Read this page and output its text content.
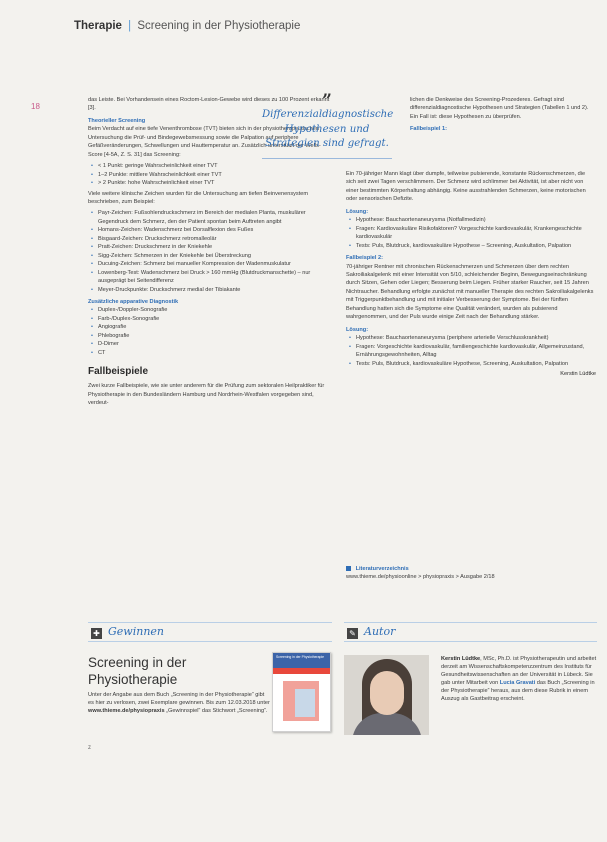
Therapie | Screening in der Physiotherapie
18

das Leiste. Bei Vorhandensein eines Roctom-Lesion-Gewebe wird dieses zu 100 Prozent erkannt [3].

Theorieller Screening

Beim Verdacht auf eine tiefe Venenthrombose (TVT) bieten sich in der physiotherapeutischen Untersuchung die Prüf- und Bindegewebsmessung sowie die Palpation auf periphere Gefäßveränderungen, Schwellungen und Hauttemperatur an. Zusätzlich unterstützt der Wells-Score [4-5A, Z. S. 31] das Screening:

• < 1 Punkt: geringe Wahrscheinlichkeit einer TVT
• 1–2 Punkte: mittlere Wahrscheinlichkeit einer TVT
• > 2 Punkte: hohe Wahrscheinlichkeit einer TVT

Viele weitere klinische Zeichen wurden für die Untersuchung am tiefen Beinvenensystem beschrieben, zum Beispiel:

• Payr-Zeichen: Fußsohlendruckschmerz im Bereich der medialen Planta, muskulärer Gegendruck dem Schmerz, den der Patient spontan beim Auftreten angibt
• Homans-Zeichen: Wadenschmerz bei Dorsalflexion des Fußes
• Bisgaard-Zeichen: Druckschmerz retromalleolär
• Pratt-Zeichen: Druckschmerz in der Kniekehle
• Sigg-Zeichen: Schmerzen in der Kniekehle bei Überstreckung
• Ducuing-Zeichen: Schmerz bei manueller Kompression der Wadenmuskulatur
• Lowenberg-Test: Wadenschmerz bei Druck > 160 mmHg (Blutdruckmanschette) – nur ausgeprägt bei Seitendifferenz
• Meyer-Druckpunkte: Druckschmerz medial der Tibiakante
Zusätzliche apparative Diagnostik
• Duplex-/Doppler-Sonografie
• Farb-/Duplex-Sonografie
• Angiografie
• Phlebografie
• D-Dimer
• CT
Fallbeispiele

Zwei kurze Fallbeispiele, wie sie unter anderem für die Prüfung zum sektoralen Heilpraktiker für Physiotherapie in den Bundesländern Hamburg und Nordrhein-Westfalen vorgegeben sind, verdeut-

”
Differenzialdiagnostische Hypothesen und Strategien sind gefragt.

lichen die Denkweise des Screening-Prozederes. Gefragt sind differenzialdiagnostische Hypothesen und Strategien (Tabellen 1 und 2). Ein Fall ist: diese Hypothesen zu überprüfen.

Fallbeispiel 1:

Ein 70-jähriger Mann klagt über dumpfe, teilweise pulsierende, konstante Rückenschmerzen, die sich seit zwei Tagen verschlimmern. Der Schmerz wird schlimmer bei Aktivität, ist aber nicht von einer bestimmten Körperhaltung abhängig. Keine ausstrahlenden Schmerzen, keine motorischen oder sensorischen Defizite.

Lösung:
• Hypothese: Bauchaortenaneurysma (Notfallmedizin)
• Fragen: Kardiovaskuläre Risikofaktoren? Vorgeschichte kardiovaskulär, Krankengeschichte kardiovaskulär
• Tests: Puls, Blutdruck, kardiovaskuläre Hypothese – Screening, Auskultation, Palpation
Fallbeispiel 2:

70-jähriger Rentner mit chronischen Rückenschmerzen und Schmerzen über dem rechten Sakroiliakalgelenk mit einer Intensität von 5/10, schleichender Beginn, Bewegungseinschränkung durch Sitzen, Gehen oder Liegen; Besserung beim Liegen. Früher starker Raucher, seit 15 Jahren Nichtraucher. Behandlung erfolgte zunächst mit manueller Therapie des rechten Sakroiliakalgelenks mit Triggerpunktbehandlung und mit initialer Verbesserung der Symptome. Bei der fünften Behandlung hatten sich die Symptome eine Qualität verändert, wurden als pulsierend wahrgenommen, und der Puls wurde einige Zeit nach der Behandlung stärker.

Lösung:
• Hypothese: Bauchaortenaneurysma (periphere arterielle Verschlusskrankheit)
• Fragen: Vorgeschichte kardiovaskulär, familiengeschichte kardiovaskulär, Allgemeinzustand, Ernährungsgewohnheiten, Alltag
• Tests: Puls, Blutdruck, kardiovaskuläre Hypothese, Screening, Auskultation, Palpation
Kerstin Lüdtke
Literaturverzeichnis
www.thieme.de/physioonline > physiopraxis > Ausgabe 2/18
✚ Gewinnen
Screening in der Physiotherapie
Unter der Angabe aus dem Buch „Screening in der Physiotherapie“ gibt es hier zu verlosen, zwei Exemplare gewinnen. Bis zum 12.03.2018 unter www.thieme.de/physiopraxis „Gewinnspiel“ das Stichwort „Screening“.
Screening in der Physiotherapie
✎ Autor
Kerstin Lüdtke, MSc, Ph.D. ist Physiotherapeutin und arbeitet derzeit am Wissenschaftskompetenzzentrum des Instituts für Gesundheitswissenschaften an der Universität in Lübeck. Sie gab unter Mitarbeit von Lucia Gravati das Buch „Screening in der Physiotherapie“ heraus, aus dem diese Rubrik in einem Auszug als Gastbeitrag erscheint.
z
